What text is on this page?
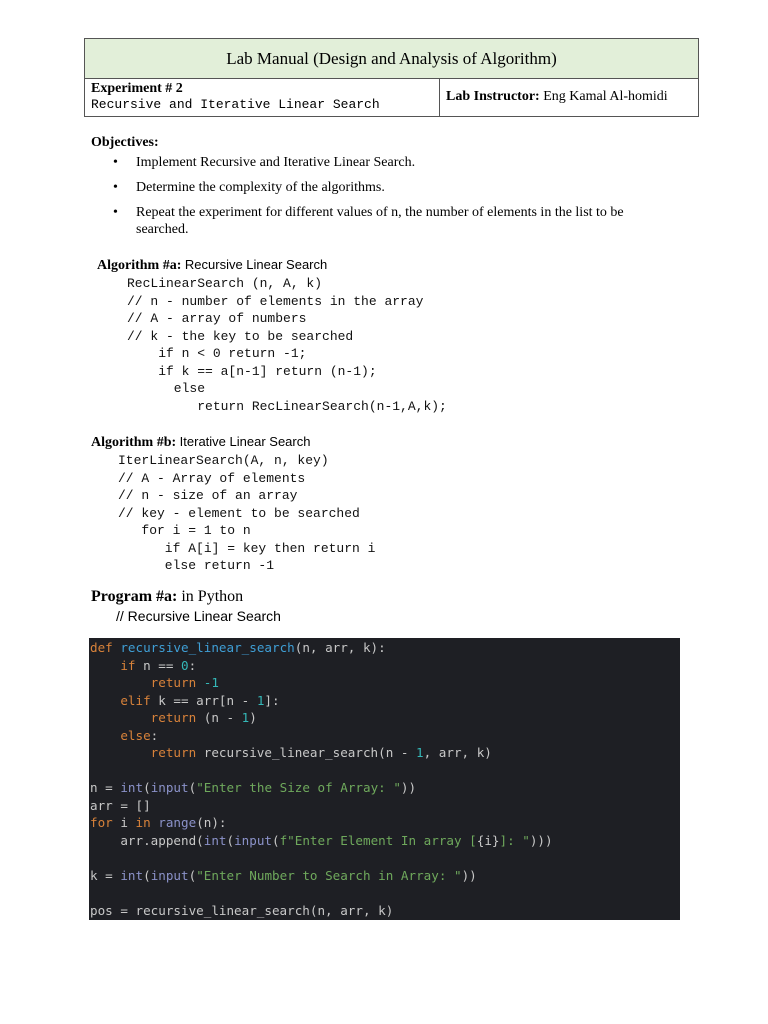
Lab Manual (Design and Analysis of Algorithm)
Experiment # 2
Recursive and Iterative Linear Search
Lab Instructor: Eng Kamal Al-homidi
Objectives:
• Implement Recursive and Iterative Linear Search.
• Determine the complexity of the algorithms.
• Repeat the experiment for different values of n, the number of elements in the list to be searched.
Algorithm #a: Recursive Linear Search
RecLinearSearch (n, A, k)
// n - number of elements in the array
// A - array of numbers
// k - the key to be searched
if n < 0 return -1;
if k == a[n-1] return (n-1);
else
return RecLinearSearch(n-1,A,k);
Algorithm #b: Iterative Linear Search
IterLinearSearch(A, n, key)
// A - Array of elements
// n - size of an array
// key - element to be searched
for i = 1 to n
if A[i] = key then return i
else return -1
Program #a: in Python
// Recursive Linear Search
def recursive_linear_search(n, arr, k):
if n == 0:
return -1
elif k == arr[n - 1]:
return (n - 1)
else:
return recursive_linear_search(n - 1, arr, k)

n = int(input("Enter the Size of Array: "))
arr = []
for i in range(n):
arr.append(int(input(f"Enter Element In array [{i}]: ")))

k = int(input("Enter Number to Search in Array: "))

pos = recursive_linear_search(n, arr, k)
